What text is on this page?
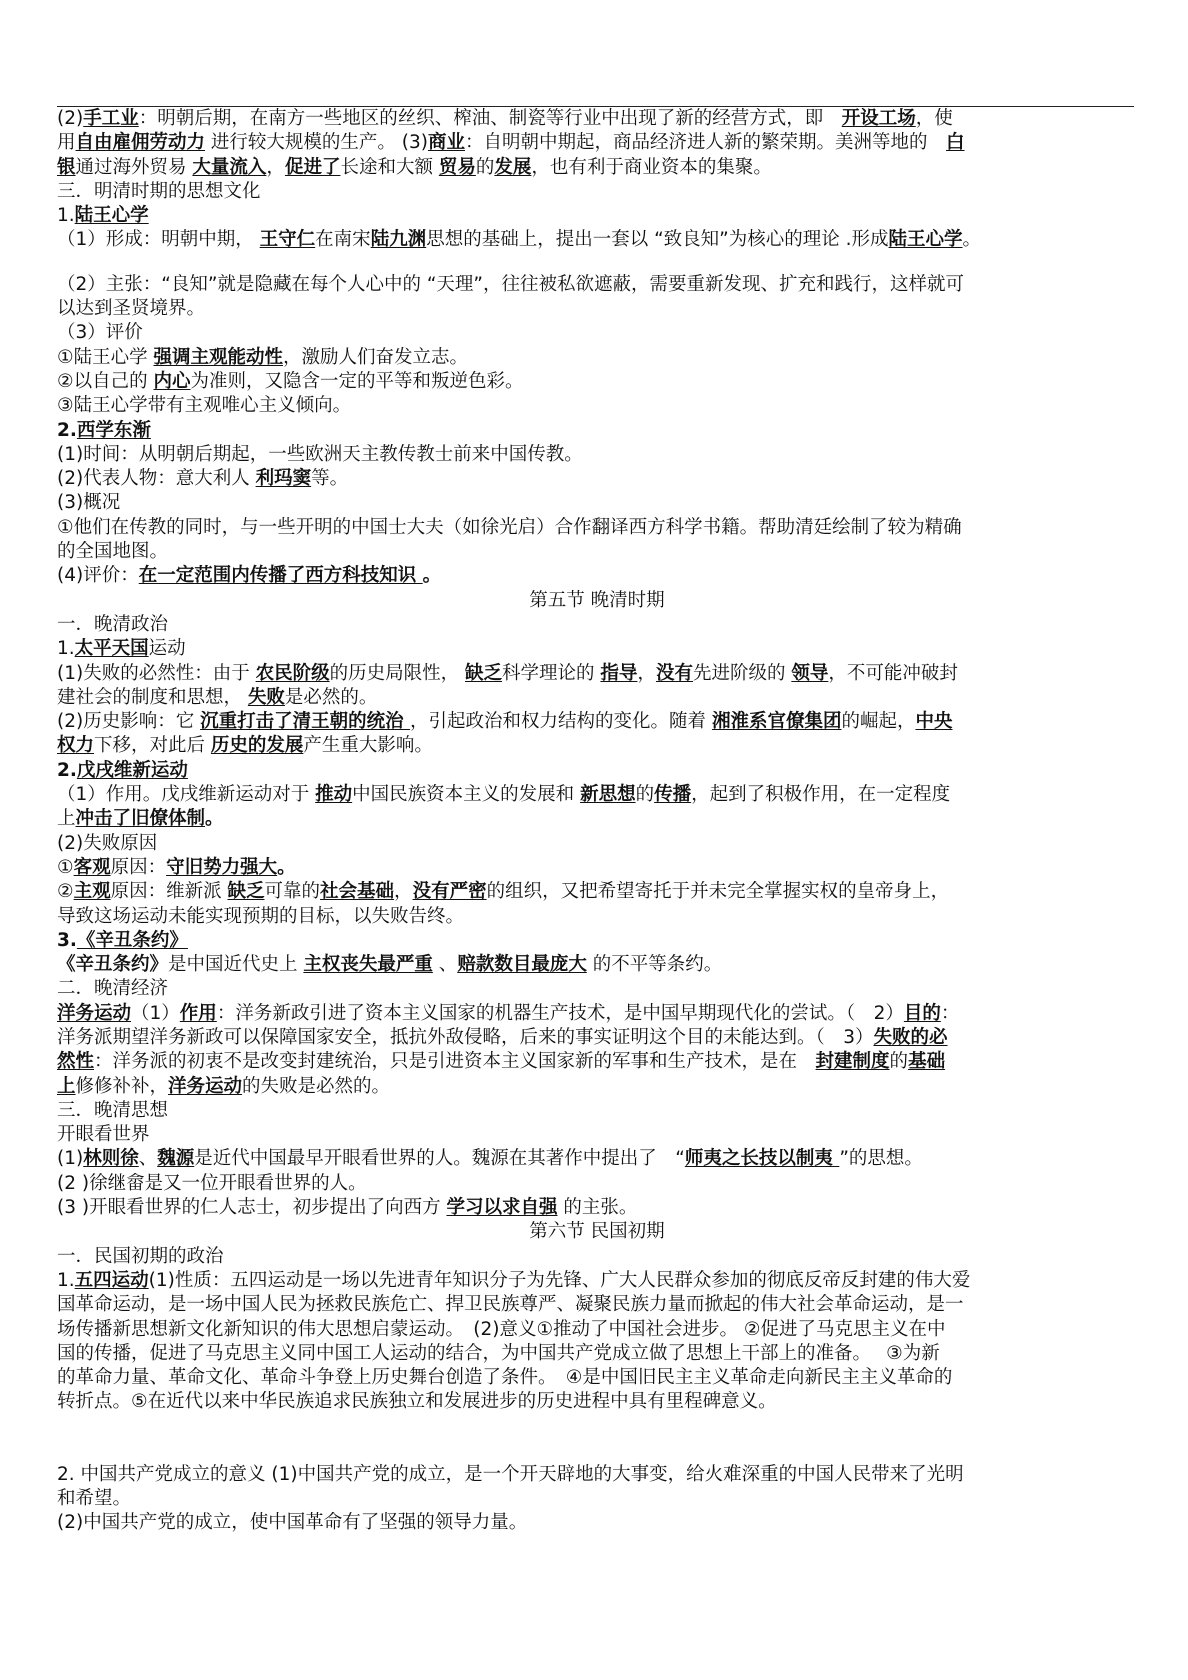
(2)手工业：明朝后期，在南方一些地区的丝织、榨油、制瓷等行业中出现了新的经营方式，即　开设工场，使

用自由雇佣劳动力 进行较大规模的生产。 (3)商业：自明朝中期起，商品经济进人新的繁荣期。美洲等地的　白

银通过海外贸易 大量流入，促进了长途和大额 贸易的发展，也有利于商业资本的集聚。

三．明清时期的思想文化

1.陆王心学

（1）形成：明朝中期， 王守仁在南宋陆九渊思想的基础上，提出一套以 “致良知”为核心的理论 .形成陆王心学。

（2）主张：“良知”就是隐藏在每个人心中的 “天理”，往往被私欲遮蔽，需要重新发现、扩充和践行，这样就可

以达到圣贤境界。

（3）评价

①陆王心学 强调主观能动性，激励人们奋发立志。

②以自己的 内心为准则，又隐含一定的平等和叛逆色彩。

③陆王心学带有主观唯心主义倾向。

2.西学东渐

(1)时间：从明朝后期起，一些欧洲天主教传教士前来中国传教。

(2)代表人物：意大利人 利玛窦等。

(3)概况

①他们在传教的同时，与一些开明的中国士大夫（如徐光启）合作翻译西方科学书籍。帮助清廷绘制了较为精确

的全国地图。

(4)评价：在一定范围内传播了西方科技知识 。

第五节 晚清时期

一．晚清政治

1.太平天国运动

(1)失败的必然性：由于 农民阶级的历史局限性， 缺乏科学理论的 指导，没有先进阶级的 领导，不可能冲破封

建社会的制度和思想， 失败是必然的。

(2)历史影响：它 沉重打击了清王朝的统治 ，引起政治和权力结构的变化。随着 湘淮系官僚集团的崛起，中央

权力下移，对此后 历史的发展产生重大影响。

2.戊戌维新运动

（1）作用。戊戌维新运动对于 推动中国民族资本主义的发展和 新思想的传播，起到了积极作用，在一定程度

上冲击了旧僚体制。

(2)失败原因

①客观原因：守旧势力强大。

②主观原因：维新派 缺乏可靠的社会基础，没有严密的组织，又把希望寄托于并未完全掌握实权的皇帝身上，

导致这场运动未能实现预期的目标，以失败告终。

3.《辛丑条约》

《辛丑条约》是中国近代史上 主权丧失最严重 、赔款数目最庞大 的不平等条约。

二．晚清经济

洋务运动（1）作用：洋务新政引进了资本主义国家的机器生产技术，是中国早期现代化的尝试。（　2）目的：

洋务派期望洋务新政可以保障国家安全，抵抗外敌侵略，后来的事实证明这个目的未能达到。（　3）失败的必

然性：洋务派的初衷不是改变封建统治，只是引进资本主义国家新的军事和生产技术，是在　封建制度的基础

上修修补补，洋务运动的失败是必然的。

三．晚清思想

开眼看世界

(1)林则徐、魏源是近代中国最早开眼看世界的人。魏源在其著作中提出了　“师夷之长技以制夷 ”的思想。

(2 )徐继畲是又一位开眼看世界的人。

(3 )开眼看世界的仁人志士，初步提出了向西方 学习以求自强 的主张。

第六节 民国初期

一．民国初期的政治

1.五四运动(1)性质：五四运动是一场以先进青年知识分子为先锋、广大人民群众参加的彻底反帝反封建的伟大爱

国革命运动，是一场中国人民为拯救民族危亡、捍卫民族尊严、凝聚民族力量而掀起的伟大社会革命运动，是一

场传播新思想新文化新知识的伟大思想启蒙运动。　(2)意义①推动了中国社会进步。 ②促进了马克思主义在中

国的传播，促进了马克思主义同中国工人运动的结合，为中国共产党成立做了思想上干部上的准备。　 ③为新

的革命力量、革命文化、革命斗争登上历史舞台创造了条件。　④是中国旧民主主义革命走向新民主主义革命的

转折点。⑤在近代以来中华民族追求民族独立和发展进步的历史进程中具有里程碑意义。

2. 中国共产党成立的意义 (1)中国共产党的成立，是一个开天辟地的大事变，给火难深重的中国人民带来了光明

和希望。

(2)中国共产党的成立，使中国革命有了坚强的领导力量。
